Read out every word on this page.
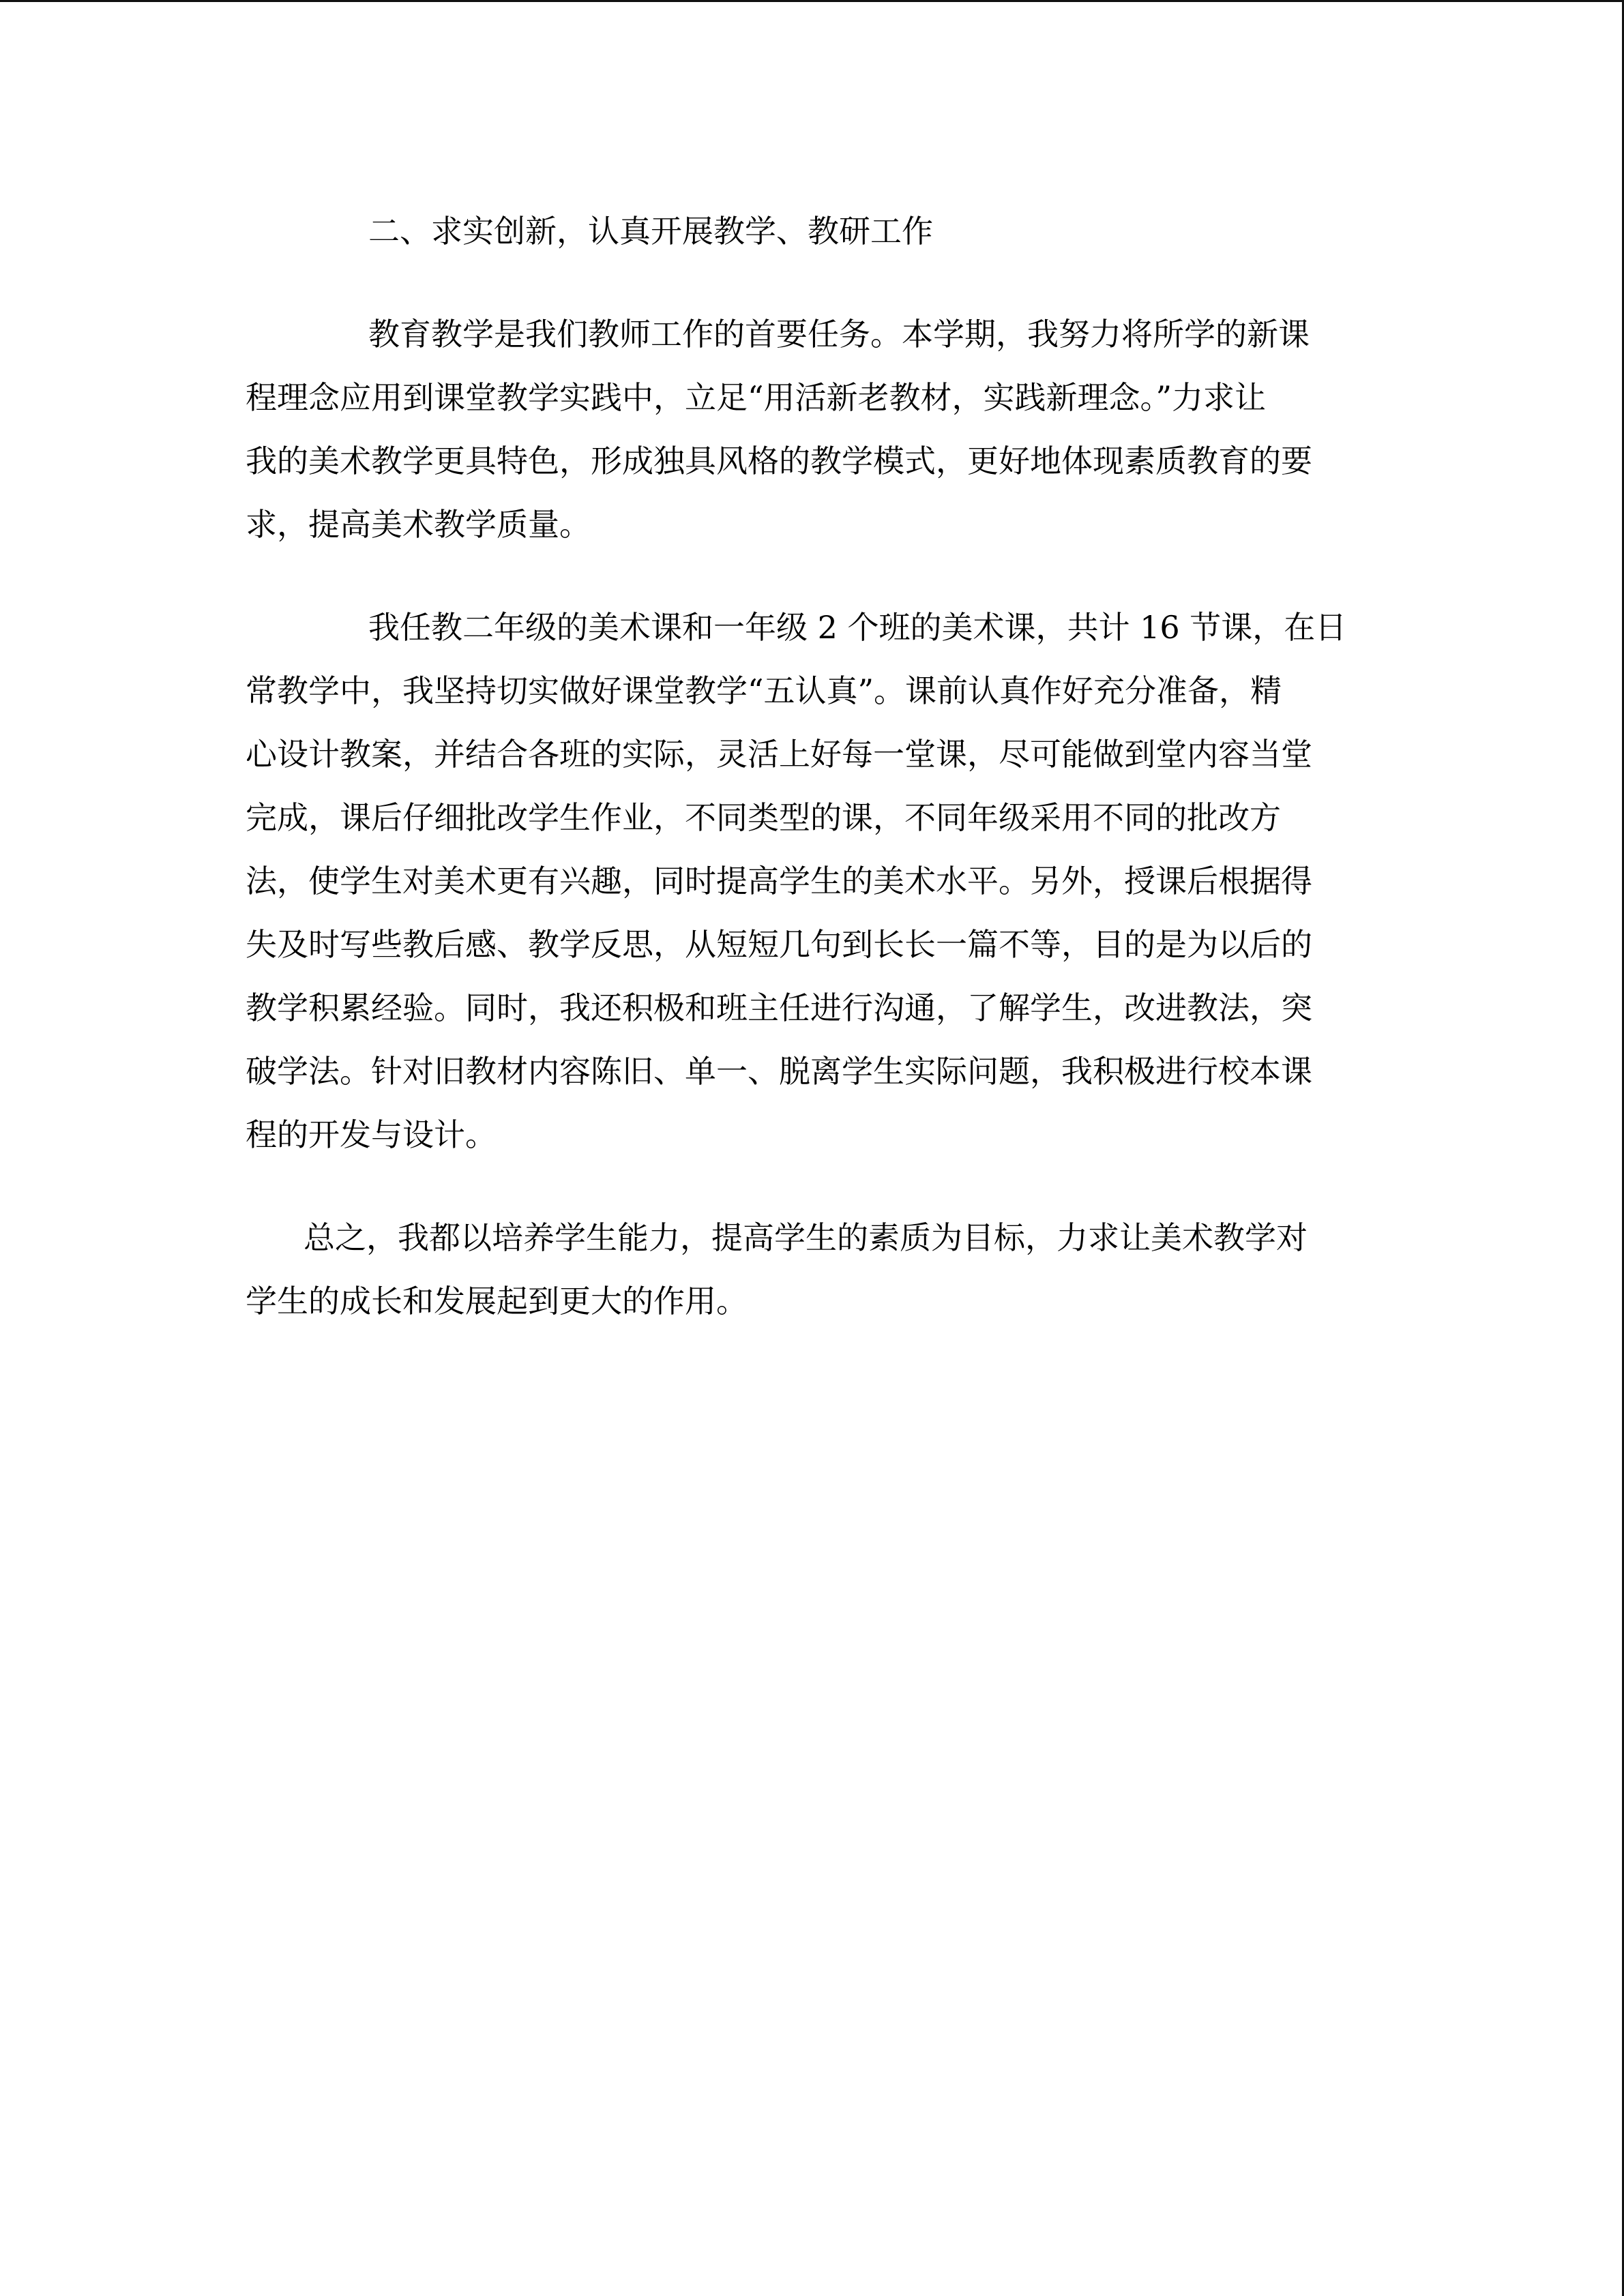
二、求实创新，认真开展教学、教研工作
教育教学是我们教师工作的首要任务。本学期，我努力将所学的新课
程理念应用到课堂教学实践中，立足“用活新老教材，实践新理念。”力求让
我的美术教学更具特色，形成独具风格的教学模式，更好地体现素质教育的要
求，提高美术教学质量。
我任教二年级的美术课和一年级 2 个班的美术课，共计 16 节课，在日
常教学中，我坚持切实做好课堂教学“五认真”。课前认真作好充分准备，精
心设计教案，并结合各班的实际，灵活上好每一堂课，尽可能做到堂内容当堂
完成，课后仔细批改学生作业，不同类型的课，不同年级采用不同的批改方
法，使学生对美术更有兴趣，同时提高学生的美术水平。另外，授课后根据得
失及时写些教后感、教学反思，从短短几句到长长一篇不等，目的是为以后的
教学积累经验。同时，我还积极和班主任进行沟通，了解学生，改进教法，突
破学法。针对旧教材内容陈旧、单一、脱离学生实际问题，我积极进行校本课
程的开发与设计。
总之，我都以培养学生能力，提高学生的素质为目标，力求让美术教学对
学生的成长和发展起到更大的作用。
